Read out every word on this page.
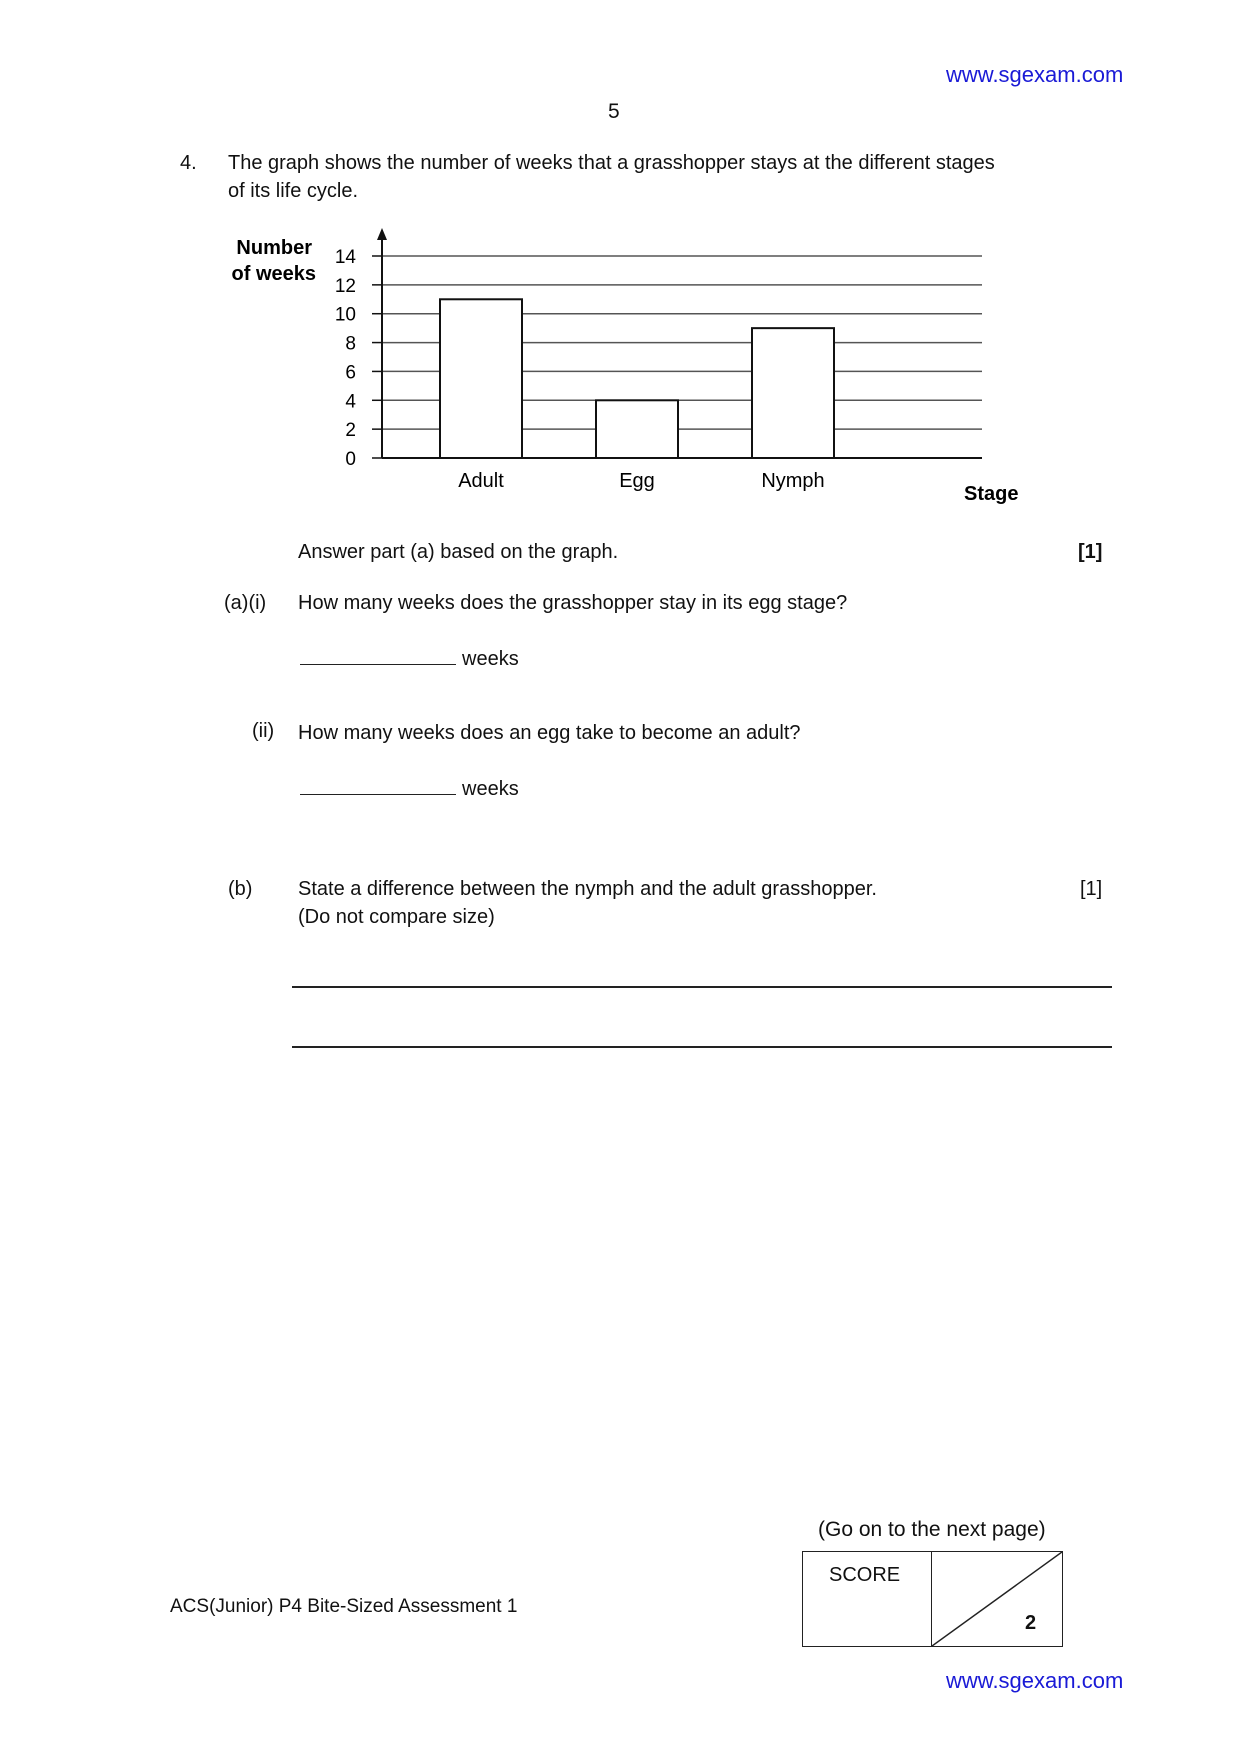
www.sgexam.com
5
4. The graph shows the number of weeks that a grasshopper stays at the different stages
of its life cycle.
0
2
4
6
8
10
12
14
Adult	Egg	Nymph
Number
of weeks
Stage
Answer part (a) based on the graph.	[1]
(a)(i) How many weeks does the grasshopper stay in its egg stage?
weeks
(ii) How many weeks does an egg take to become an adult?
weeks
(b) State a difference between the nymph and the adult grasshopper.
(Do not compare size)
[1]
(Go on to the next page)
SCORE
2
ACS(Junior) P4 Bite-Sized Assessment 1
www.sgexam.com
